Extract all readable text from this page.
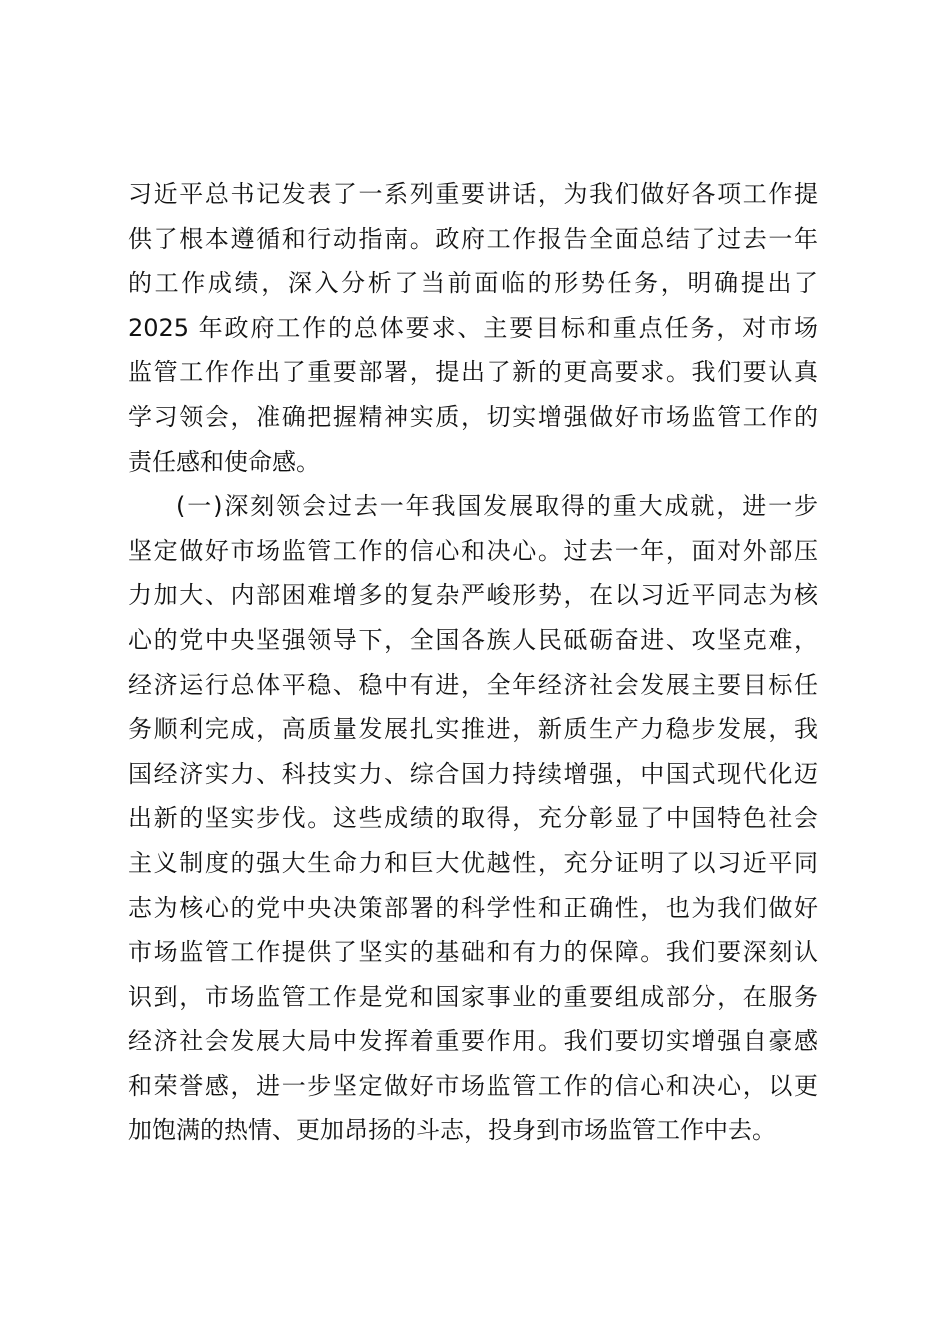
习近平总书记发表了一系列重要讲话，为我们做好各项工作提
供了根本遵循和行动指南。政府工作报告全面总结了过去一年
的工作成绩，深入分析了当前面临的形势任务，明确提出了
2025 年政府工作的总体要求、主要目标和重点任务，对市场
监管工作作出了重要部署，提出了新的更高要求。我们要认真
学习领会，准确把握精神实质，切实增强做好市场监管工作的
责任感和使命感。
(一)深刻领会过去一年我国发展取得的重大成就，进一步
坚定做好市场监管工作的信心和决心。过去一年，面对外部压
力加大、内部困难增多的复杂严峻形势，在以习近平同志为核
心的党中央坚强领导下，全国各族人民砥砺奋进、攻坚克难，
经济运行总体平稳、稳中有进，全年经济社会发展主要目标任
务顺利完成，高质量发展扎实推进，新质生产力稳步发展，我
国经济实力、科技实力、综合国力持续增强，中国式现代化迈
出新的坚实步伐。这些成绩的取得，充分彰显了中国特色社会
主义制度的强大生命力和巨大优越性，充分证明了以习近平同
志为核心的党中央决策部署的科学性和正确性，也为我们做好
市场监管工作提供了坚实的基础和有力的保障。我们要深刻认
识到，市场监管工作是党和国家事业的重要组成部分，在服务
经济社会发展大局中发挥着重要作用。我们要切实增强自豪感
和荣誉感，进一步坚定做好市场监管工作的信心和决心，以更
加饱满的热情、更加昂扬的斗志，投身到市场监管工作中去。
